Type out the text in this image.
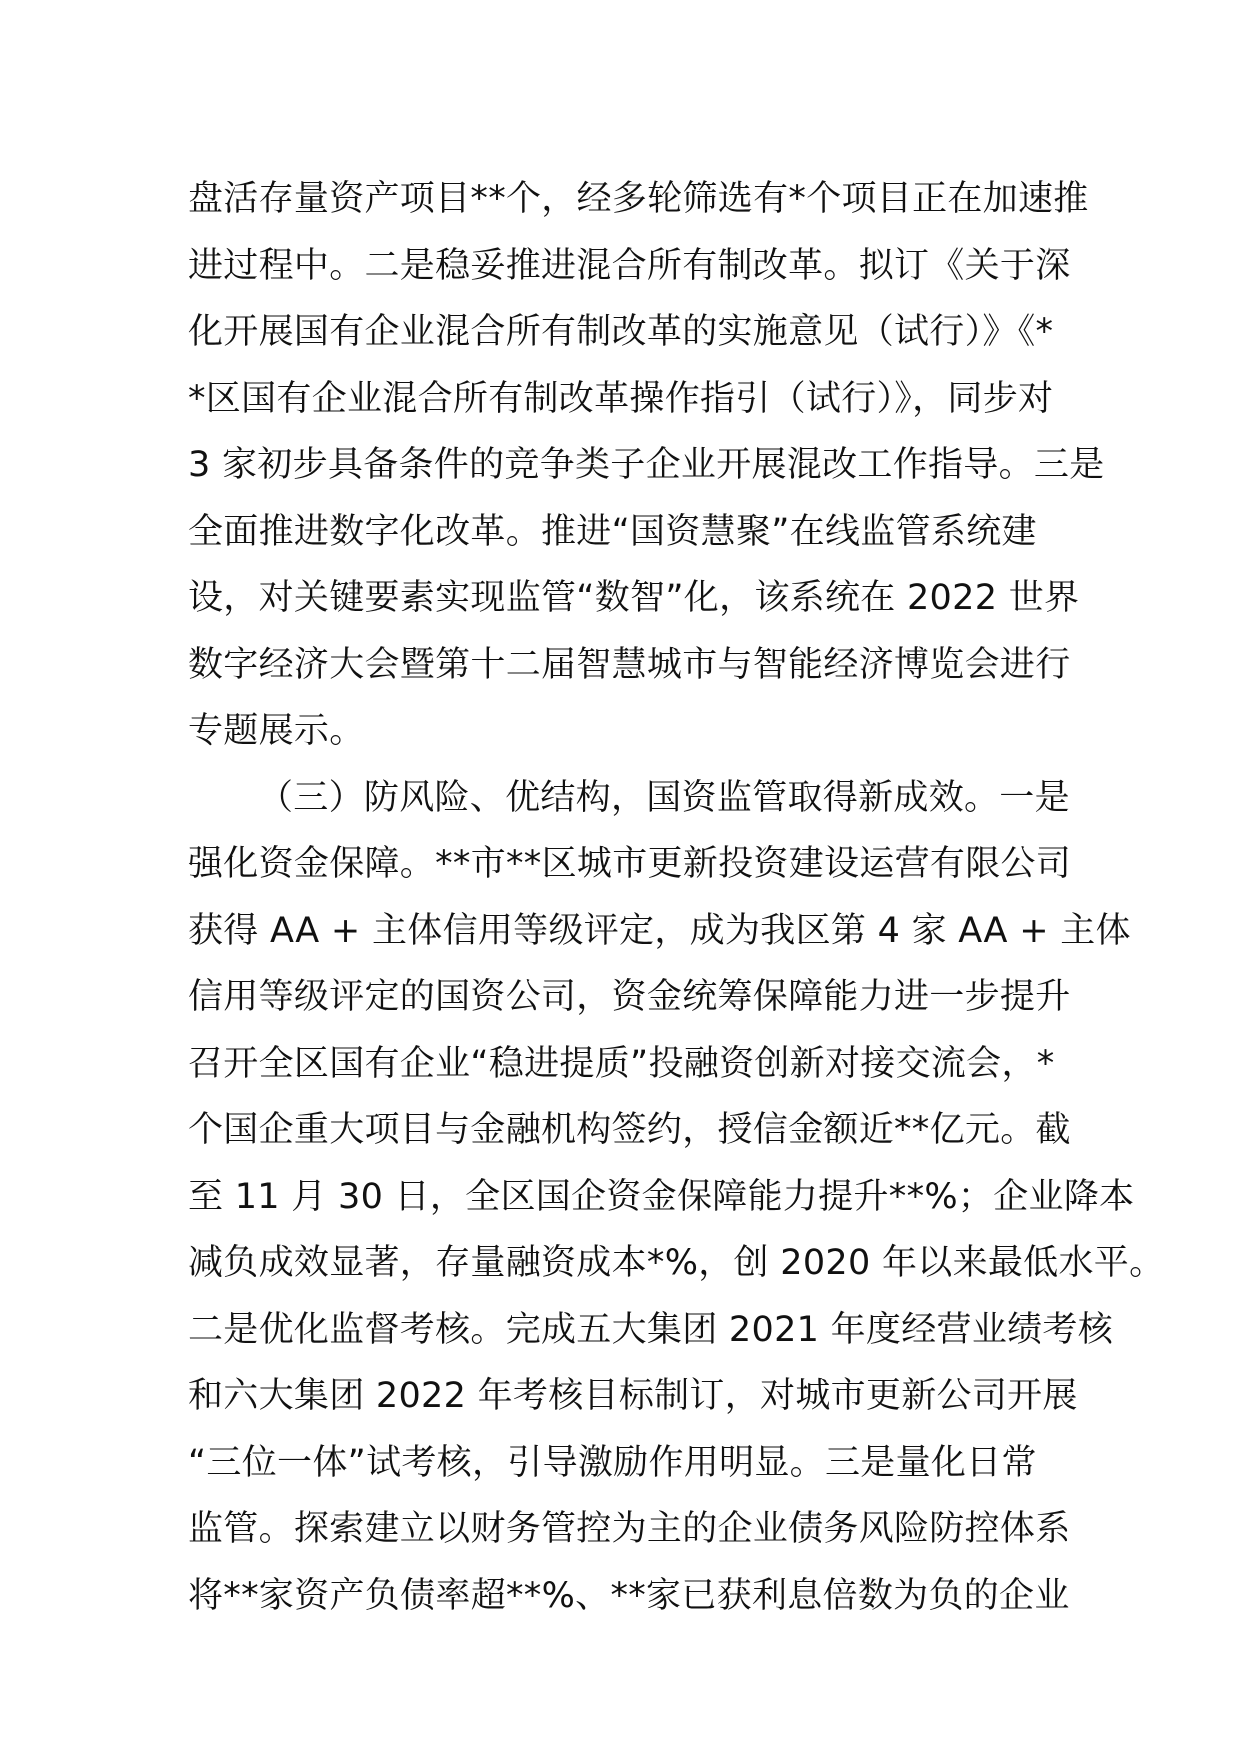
盘活存量资产项目**个，经多轮筛选有*个项目正在加速推
进过程中。二是稳妥推进混合所有制改革。拟订《关于深
化开展国有企业混合所有制改革的实施意见（试行）》《*
*区国有企业混合所有制改革操作指引（试行）》，同步对
3 家初步具备条件的竞争类子企业开展混改工作指导。三是
全面推进数字化改革。推进“国资慧聚”在线监管系统建
设，对关键要素实现监管“数智”化，该系统在 2022 世界
数字经济大会暨第十二届智慧城市与智能经济博览会进行
专题展示。
（三）防风险、优结构，国资监管取得新成效。一是
强化资金保障。**市**区城市更新投资建设运营有限公司
获得 AA + 主体信用等级评定，成为我区第 4 家 AA + 主体
信用等级评定的国资公司，资金统筹保障能力进一步提升
召开全区国有企业“稳进提质”投融资创新对接交流会，*
个国企重大项目与金融机构签约，授信金额近**亿元。截
至 11 月 30 日，全区国企资金保障能力提升**%；企业降本
减负成效显著，存量融资成本*%，创 2020 年以来最低水平。
二是优化监督考核。完成五大集团 2021 年度经营业绩考核
和六大集团 2022 年考核目标制订，对城市更新公司开展
“三位一体”试考核，引导激励作用明显。三是量化日常
监管。探索建立以财务管控为主的企业债务风险防控体系
将**家资产负债率超**%、**家已获利息倍数为负的企业
